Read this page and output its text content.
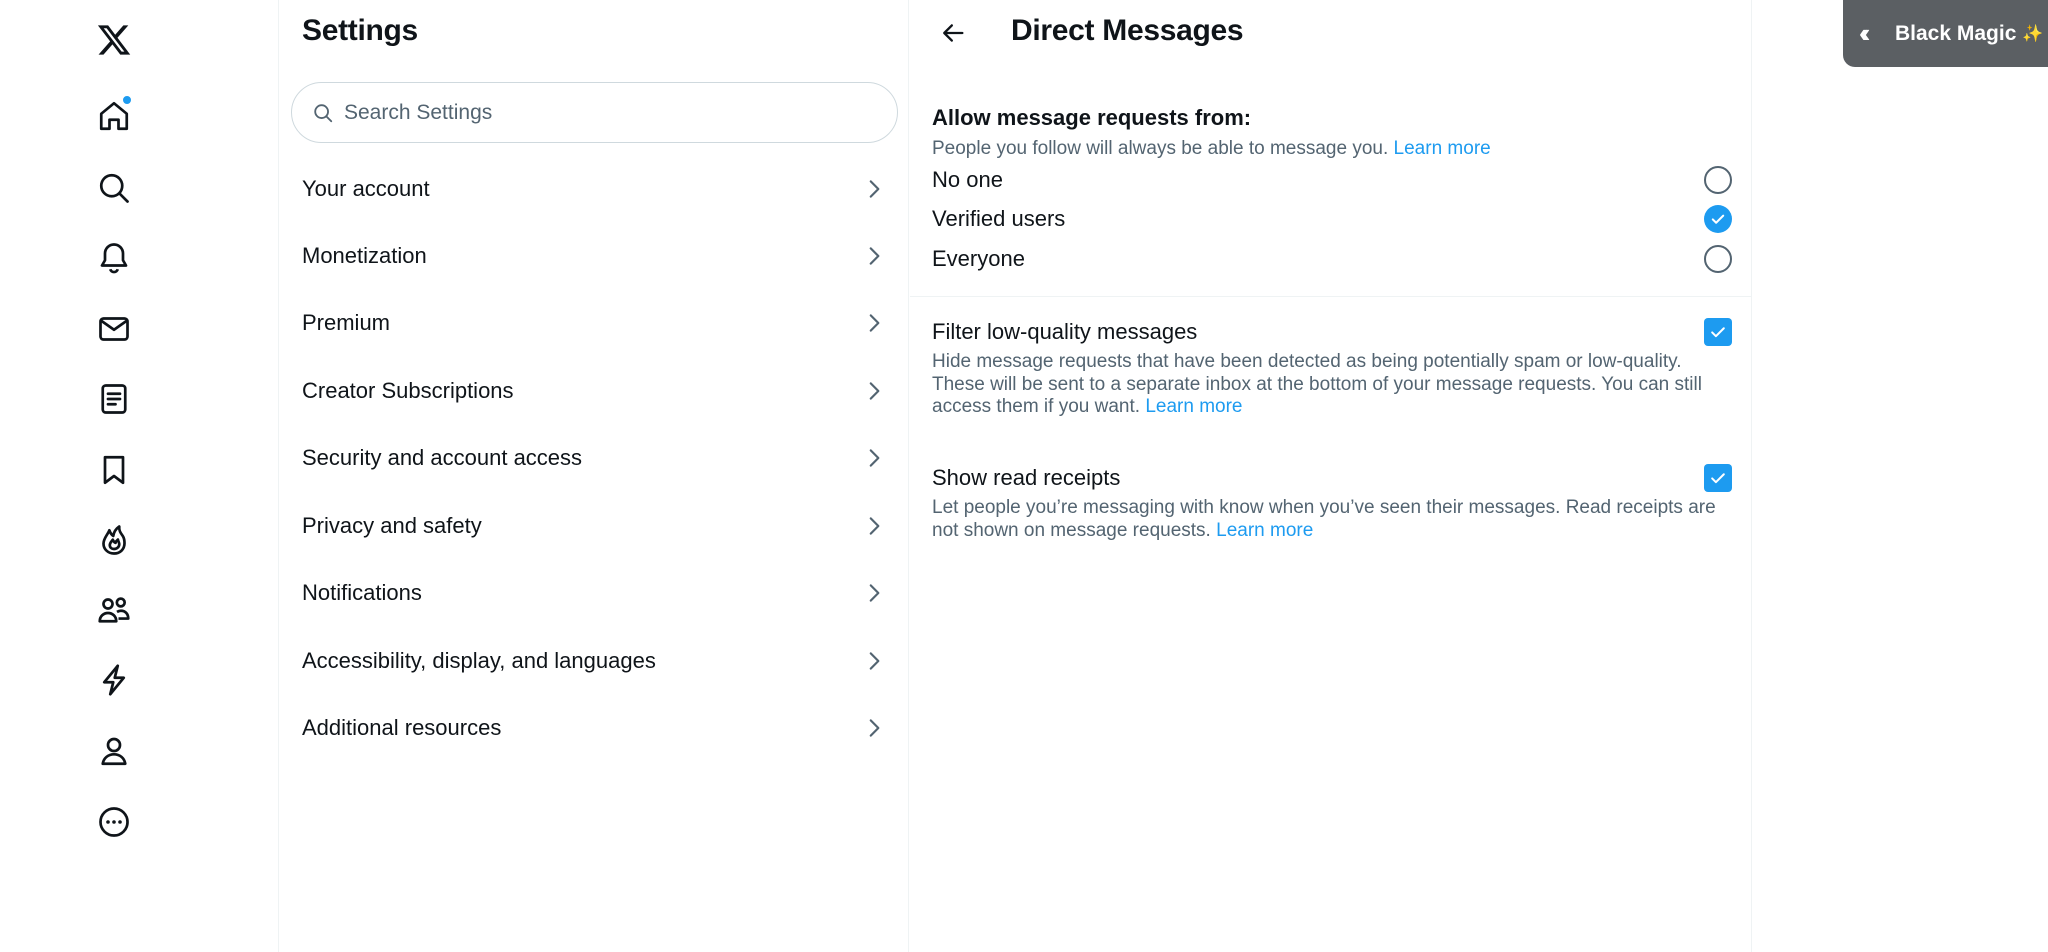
Settings
Search Settings
Your account
Monetization
Premium
Creator Subscriptions
Security and account access
Privacy and safety
Notifications
Accessibility, display, and languages
Additional resources
Direct Messages
Allow message requests from:
People you follow will always be able to message you. Learn more
No one
Verified users
Everyone
Filter low-quality messages
Hide message requests that have been detected as being potentially spam or low-quality.
These will be sent to a separate inbox at the bottom of your message requests. You can still
access them if you want. Learn more
Show read receipts
Let people you’re messaging with know when you’ve seen their messages. Read receipts are
not shown on message requests. Learn more
‹‹	Black Magic ✨
